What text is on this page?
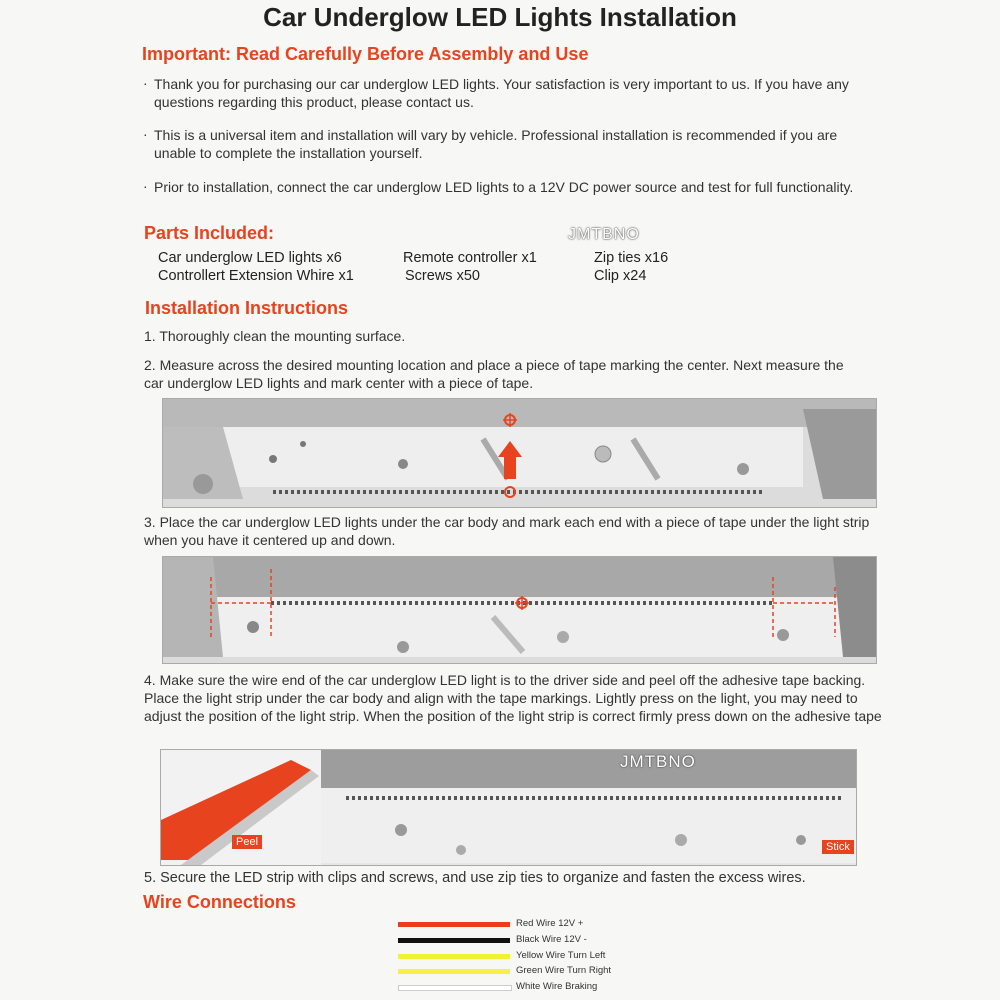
Car Underglow LED Lights Installation
Important: Read Carefully Before Assembly and Use
· Thank you for purchasing our car underglow LED lights. Your satisfaction is very important to us. If you have any questions regarding this product, please contact us.
· This is a universal item and installation will vary by vehicle. Professional installation is recommended if you are unable to complete the installation yourself.
· Prior to installation, connect the car underglow LED lights to a 12V DC power source and test for full functionality.
Parts Included:	JMTBNO
Car underglow LED lights x6
Controllert Extension Whire x1
Remote controller x1
Screws x50
Zip ties x16
Clip x24
Installation Instructions
1. Thoroughly clean the mounting surface.
2. Measure across the desired mounting location and place a piece of tape marking the center. Next measure the car underglow LED lights and mark center with a piece of tape.
3. Place the car underglow LED lights under the car body and mark each end with a piece of tape under the light strip when you have it centered up and down.
4. Make sure the wire end of the car underglow LED light is to the driver side and peel off the adhesive tape backing. Place the light strip under the car body and align with the tape markings. Lightly press on the light, you may need to adjust the position of the light strip. When the position of the light strip is correct firmly press down on the adhesive tape
Peel	Stick
JMTBNO
5. Secure the LED strip with clips and screws, and use zip ties to organize and fasten the excess wires.
Wire Connections
Red Wire 12V +
Black Wire 12V -
Yellow Wire Turn Left
Green Wire Turn Right
White Wire Braking
